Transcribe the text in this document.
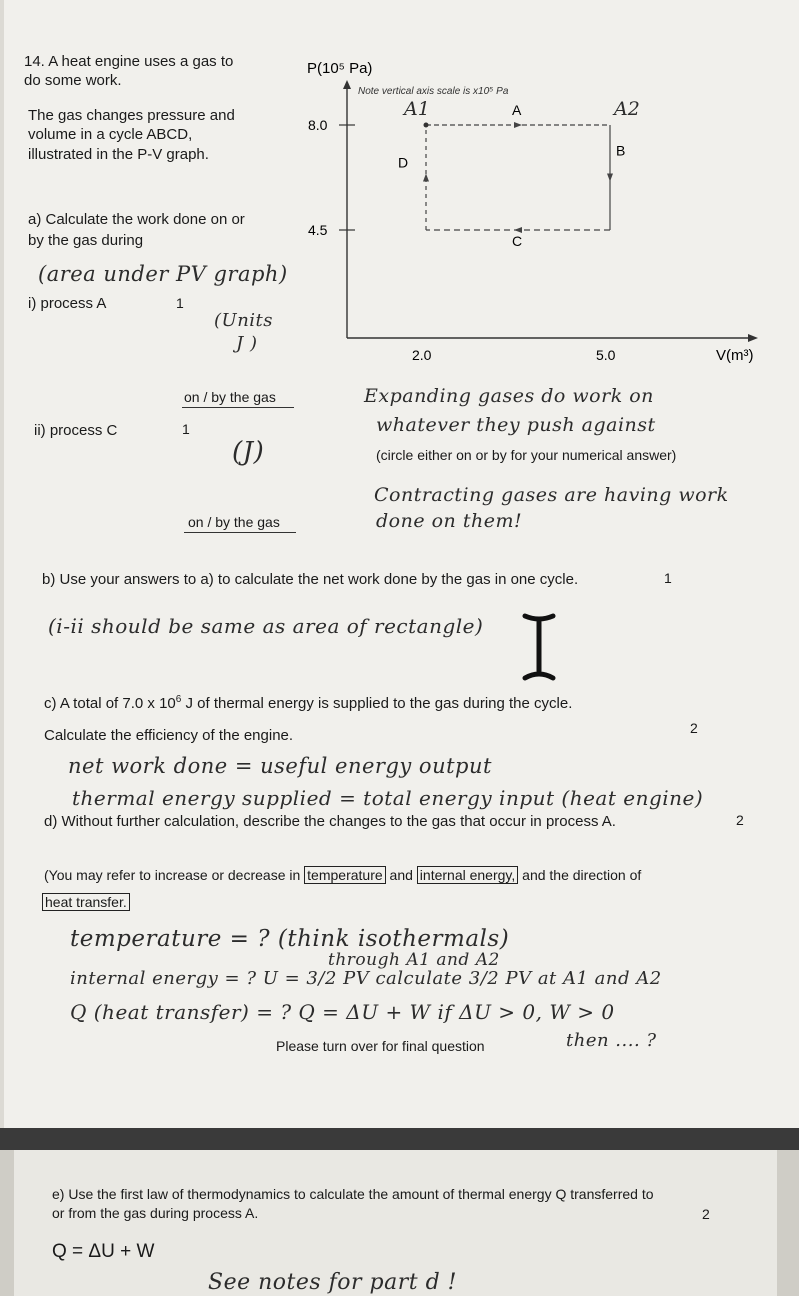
14. A heat engine uses a gas to
do some work.
The gas changes pressure and
volume in a cycle ABCD,
illustrated in the P-V graph.
a) Calculate the work done on or
by the gas during
(area under PV graph)
i) process A	1
(Units
J )
on / by the gas
ii) process C	1
(J)
on / by the gas
P(10⁵ Pa)
V(m³)
Note vertical axis scale is x10⁵ Pa
8.0
4.5
2.0	5.0
A
B
C
D
A1	A2
Expanding gases do work on
whatever they push against
(circle either on or by for your numerical answer)
Contracting gases are having work
done on them!
b) Use your answers to a) to calculate the net work done by the gas in one cycle.	1
(i-ii should be same as area of rectangle)
c) A total of 7.0 x $10^6$ J of thermal energy is supplied to the gas during the cycle.
Calculate the efficiency of the engine.	2
net work done = useful energy output
thermal energy supplied = total energy input (heat engine)
d) Without further calculation, describe the changes to the gas that occur in process A.	2
(You may refer to increase or decrease in temperature and internal energy, and the direction of
heat transfer.
temperature = ? (think isothermals)
through A1 and A2
internal energy = ? U = 3/2 PV calculate 3/2 PV at A1 and A2
Q (heat transfer) = ? Q = ΔU + W if ΔU > 0, W > 0
then .... ?
Please turn over for final question
e) Use the first law of thermodynamics to calculate the amount of thermal energy Q transferred to
or from the gas during process A.	2
Q = ΔU + W
See notes for part d !
